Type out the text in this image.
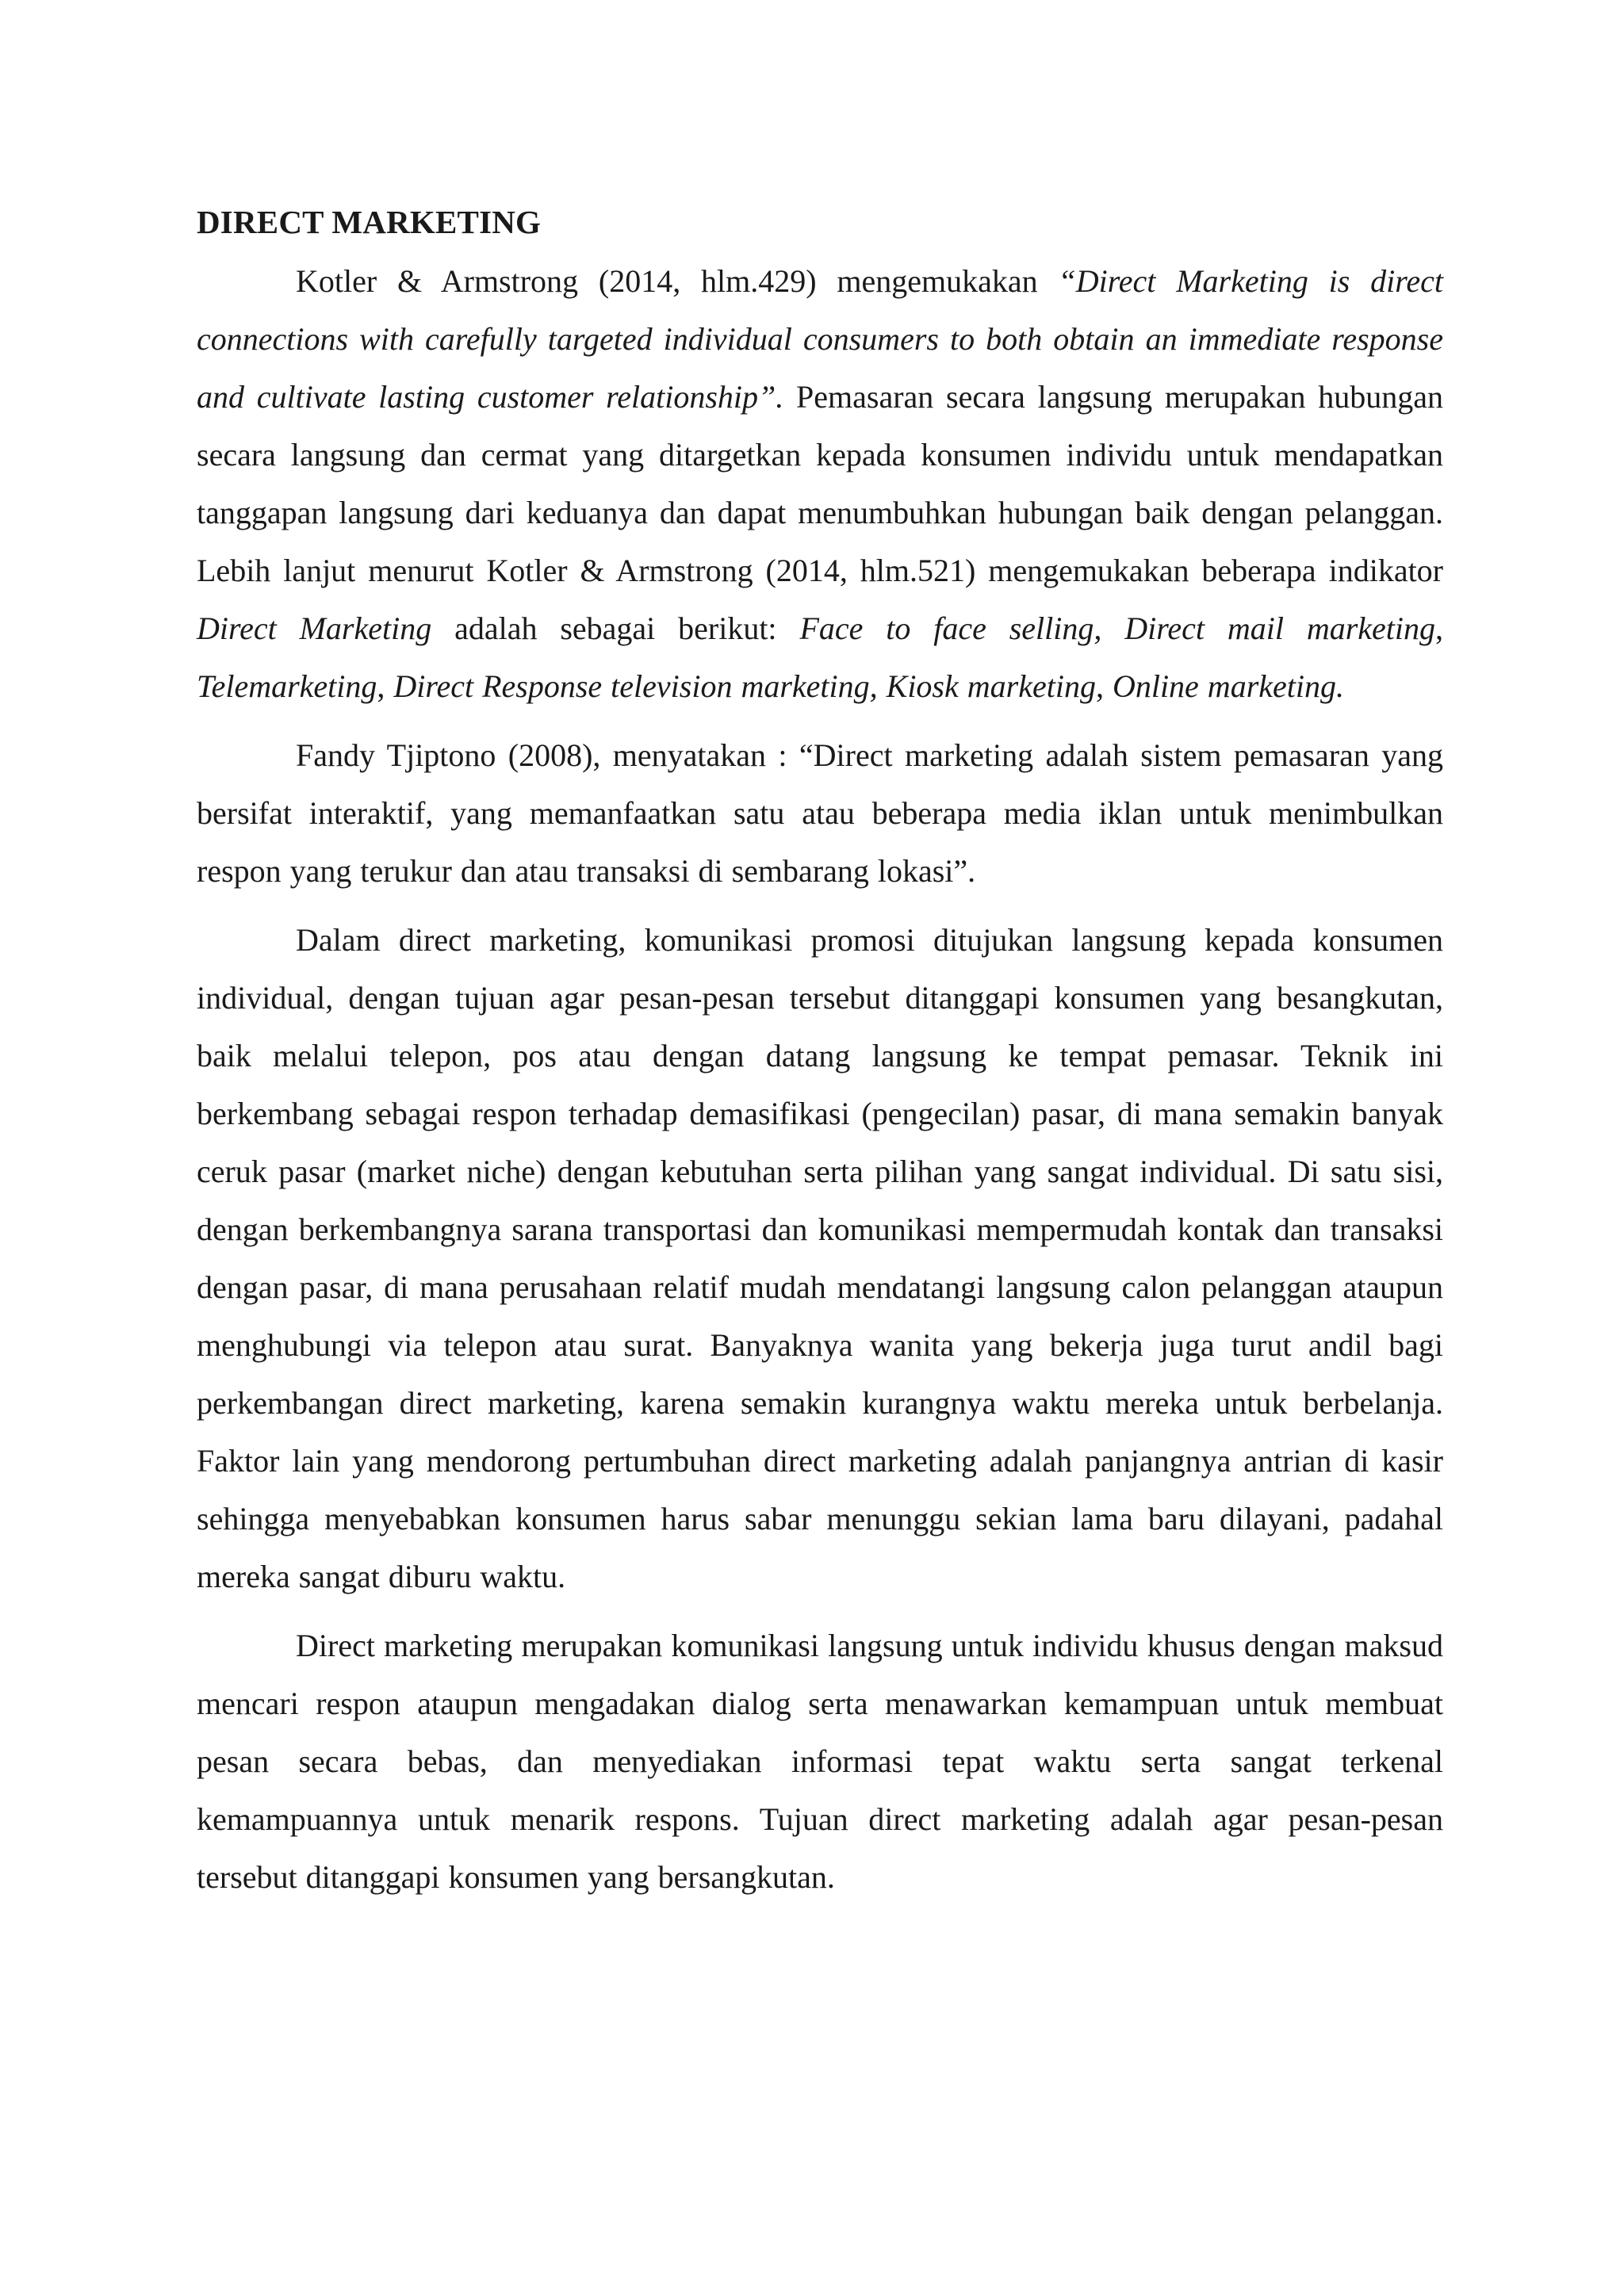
DIRECT MARKETING

Kotler & Armstrong (2014, hlm.429) mengemukakan “Direct Marketing is direct connections with carefully targeted individual consumers to both obtain an immediate response and cultivate lasting customer relationship”. Pemasaran secara langsung merupakan hubungan secara langsung dan cermat yang ditargetkan kepada konsumen individu untuk mendapatkan tanggapan langsung dari keduanya dan dapat menumbuhkan hubungan baik dengan pelanggan. Lebih lanjut menurut Kotler & Armstrong (2014, hlm.521) mengemukakan beberapa indikator Direct Marketing adalah sebagai berikut: Face to face selling, Direct mail marketing, Telemarketing, Direct Response television marketing, Kiosk marketing, Online marketing.

Fandy Tjiptono (2008), menyatakan : “Direct marketing adalah sistem pemasaran yang bersifat interaktif, yang memanfaatkan satu atau beberapa media iklan untuk menimbulkan respon yang terukur dan atau transaksi di sembarang lokasi”.

Dalam direct marketing, komunikasi promosi ditujukan langsung kepada konsumen individual, dengan tujuan agar pesan-pesan tersebut ditanggapi konsumen yang besangkutan, baik melalui telepon, pos atau dengan datang langsung ke tempat pemasar. Teknik ini berkembang sebagai respon terhadap demasifikasi (pengecilan) pasar, di mana semakin banyak ceruk pasar (market niche) dengan kebutuhan serta pilihan yang sangat individual. Di satu sisi, dengan berkembangnya sarana transportasi dan komunikasi mempermudah kontak dan transaksi dengan pasar, di mana perusahaan relatif mudah mendatangi langsung calon pelanggan ataupun menghubungi via telepon atau surat. Banyaknya wanita yang bekerja juga turut andil bagi perkembangan direct marketing, karena semakin kurangnya waktu mereka untuk berbelanja. Faktor lain yang mendorong pertumbuhan direct marketing adalah panjangnya antrian di kasir sehingga menyebabkan konsumen harus sabar menunggu sekian lama baru dilayani, padahal mereka sangat diburu waktu.

Direct marketing merupakan komunikasi langsung untuk individu khusus dengan maksud mencari respon ataupun mengadakan dialog serta menawarkan kemampuan untuk membuat pesan secara bebas, dan menyediakan informasi tepat waktu serta sangat terkenal kemampuannya untuk menarik respons. Tujuan direct marketing adalah agar pesan-pesan tersebut ditanggapi konsumen yang bersangkutan.
